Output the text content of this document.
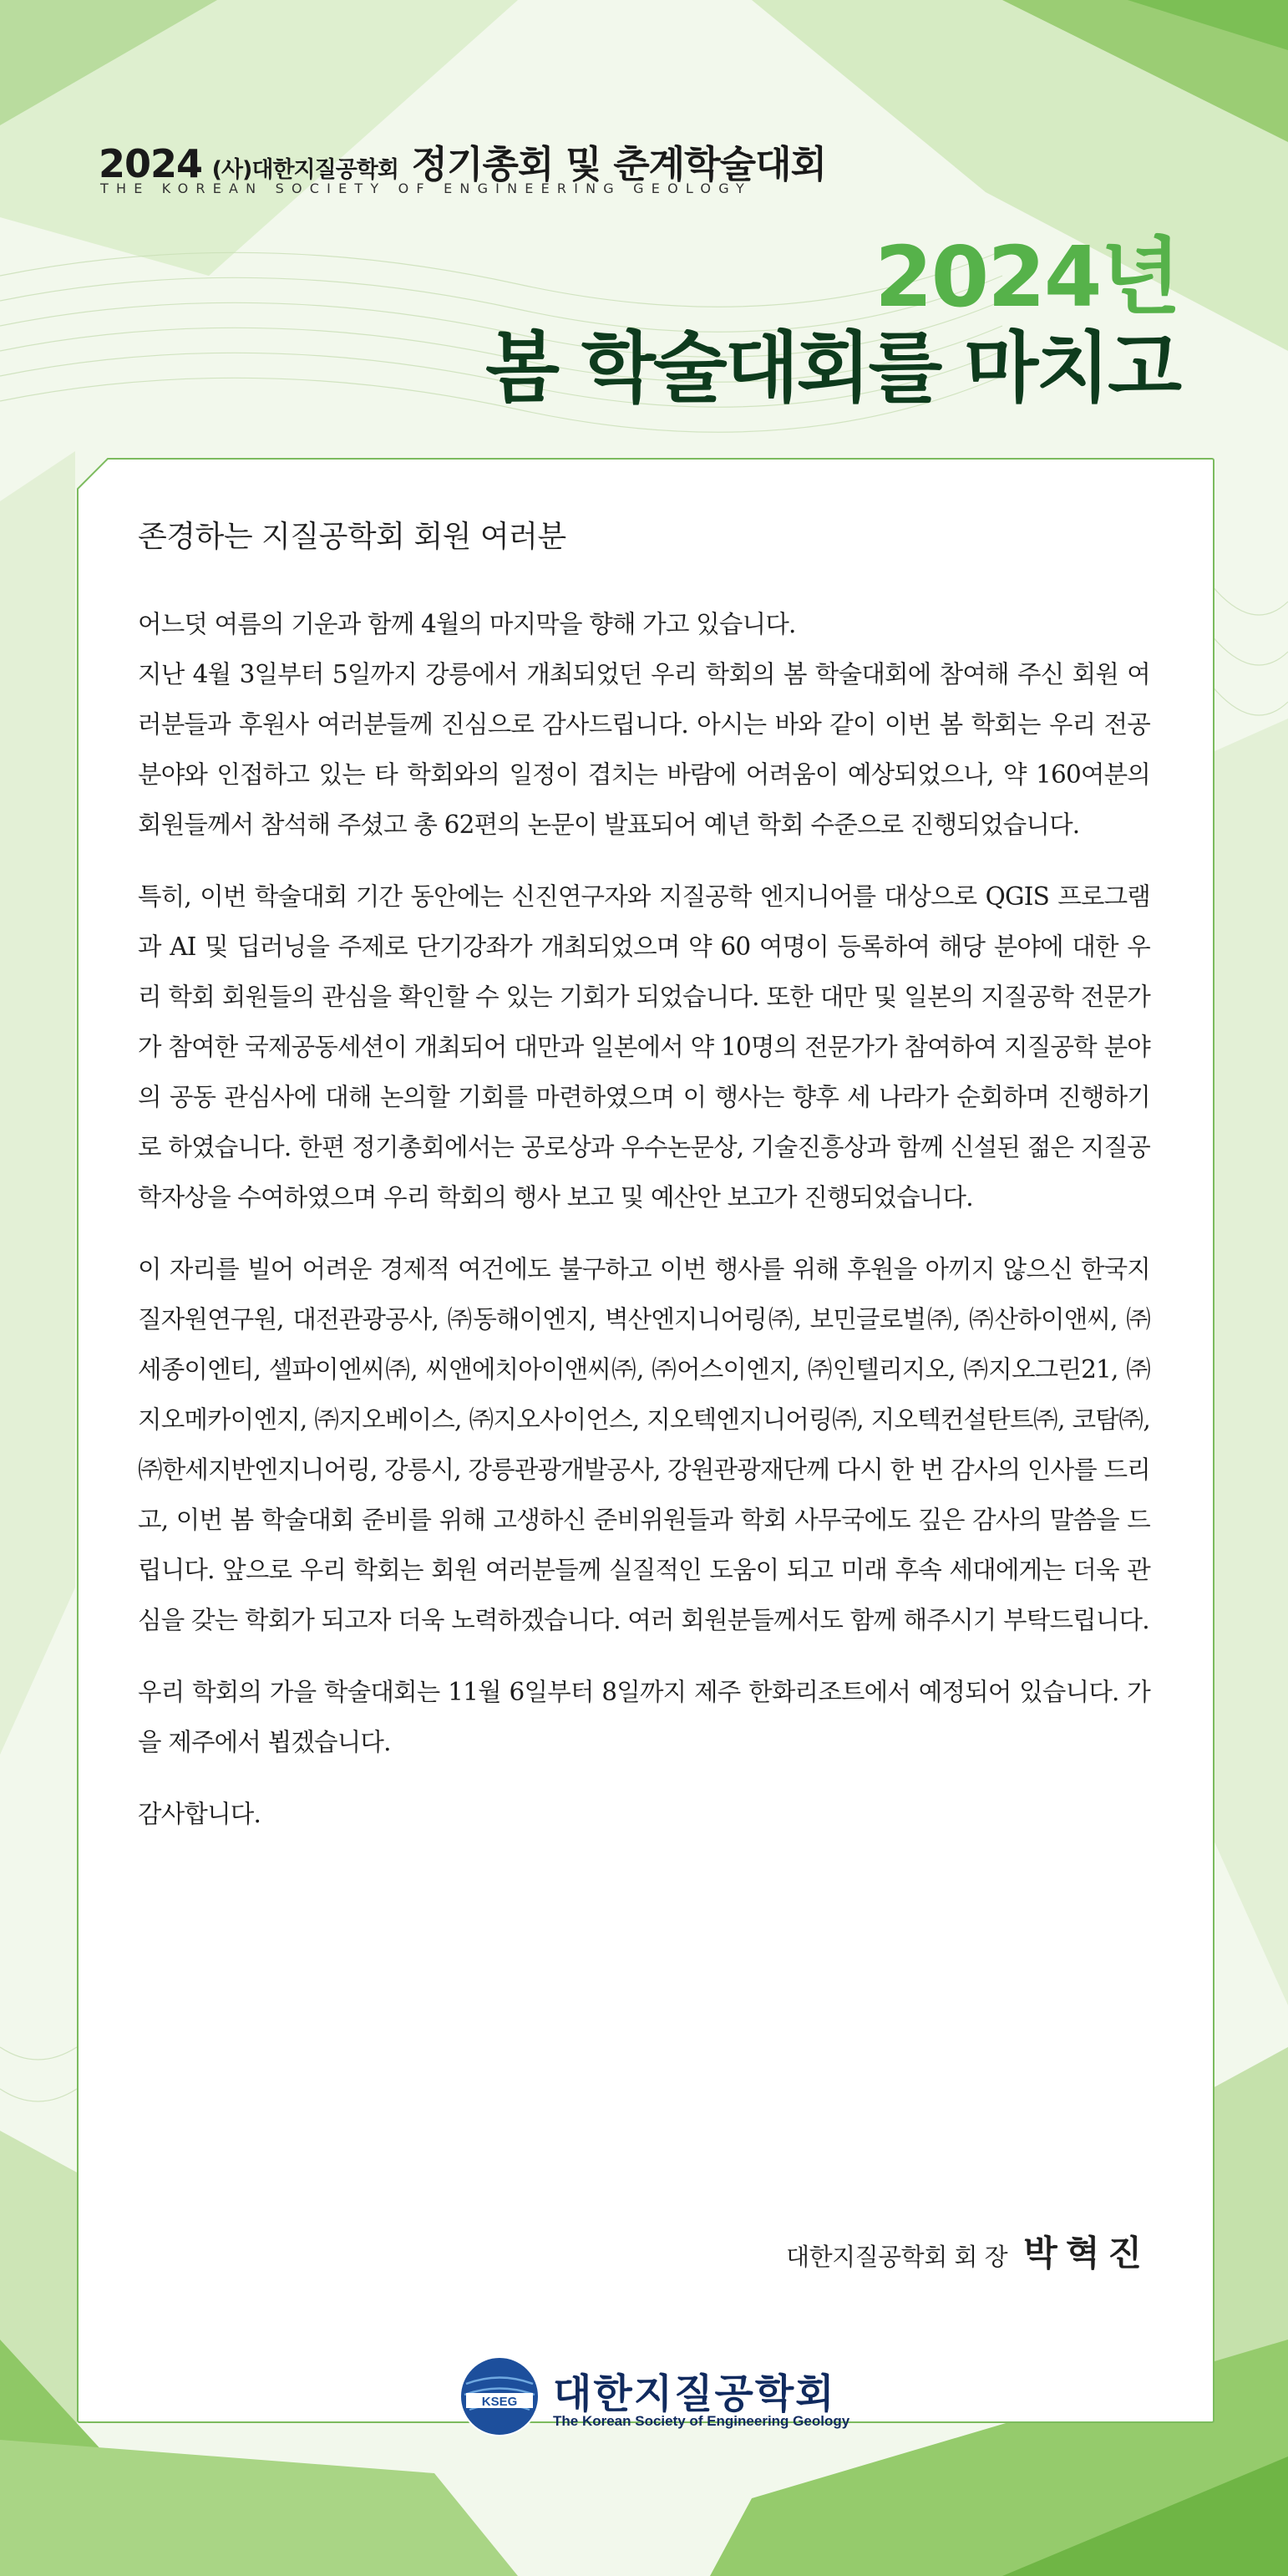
2024 (사)대한지질공학회 정기총회 및 춘계학술대회
THE KOREAN SOCIETY OF ENGINEERING GEOLOGY
2024년
봄 학술대회를 마치고
존경하는 지질공학회 회원 여러분

어느덧 여름의 기운과 함께 4월의 마지막을 향해 가고 있습니다.
지난 4월 3일부터 5일까지 강릉에서 개최되었던 우리 학회의 봄 학술대회에 참여해 주신 회원 여러분들과 후원사 여러분들께 진심으로 감사드립니다. 아시는 바와 같이 이번 봄 학회는 우리 전공 분야와 인접하고 있는 타 학회와의 일정이 겹치는 바람에 어려움이 예상되었으나, 약 160여분의 회원들께서 참석해 주셨고 총 62편의 논문이 발표되어 예년 학회 수준으로 진행되었습니다.

특히, 이번 학술대회 기간 동안에는 신진연구자와 지질공학 엔지니어를 대상으로 QGIS 프로그램과 AI 및 딥러닝을 주제로 단기강좌가 개최되었으며 약 60 여명이 등록하여 해당 분야에 대한 우리 학회 회원들의 관심을 확인할 수 있는 기회가 되었습니다. 또한 대만 및 일본의 지질공학 전문가가 참여한 국제공동세션이 개최되어 대만과 일본에서 약 10명의 전문가가 참여하여 지질공학 분야의 공동 관심사에 대해 논의할 기회를 마련하였으며 이 행사는 향후 세 나라가 순회하며 진행하기로 하였습니다. 한편 정기총회에서는 공로상과 우수논문상, 기술진흥상과 함께 신설된 젊은 지질공학자상을 수여하였으며 우리 학회의 행사 보고 및 예산안 보고가 진행되었습니다.

이 자리를 빌어 어려운 경제적 여건에도 불구하고 이번 행사를 위해 후원을 아끼지 않으신 한국지질자원연구원, 대전관광공사, ㈜동해이엔지, 벽산엔지니어링㈜, 보민글로벌㈜, ㈜산하이앤씨, ㈜세종이엔티, 셀파이엔씨㈜, 씨앤에치아이앤씨㈜, ㈜어스이엔지, ㈜인텔리지오, ㈜지오그린21, ㈜지오메카이엔지, ㈜지오베이스, ㈜지오사이언스, 지오텍엔지니어링㈜, 지오텍컨설탄트㈜, 코탐㈜, ㈜한세지반엔지니어링, 강릉시, 강릉관광개발공사, 강원관광재단께 다시 한 번 감사의 인사를 드리고, 이번 봄 학술대회 준비를 위해 고생하신 준비위원들과 학회 사무국에도 깊은 감사의 말씀을 드립니다. 앞으로 우리 학회는 회원 여러분들께 실질적인 도움이 되고 미래 후속 세대에게는 더욱 관심을 갖는 학회가 되고자 더욱 노력하겠습니다. 여러 회원분들께서도 함께 해주시기 부탁드립니다.

우리 학회의 가을 학술대회는 11월 6일부터 8일까지 제주 한화리조트에서 예정되어 있습니다. 가을 제주에서 뵙겠습니다.

감사합니다.

대한지질공학회 회 장 박혁진
KSEG 대한지질공학회
The Korean Society of Engineering Geology
